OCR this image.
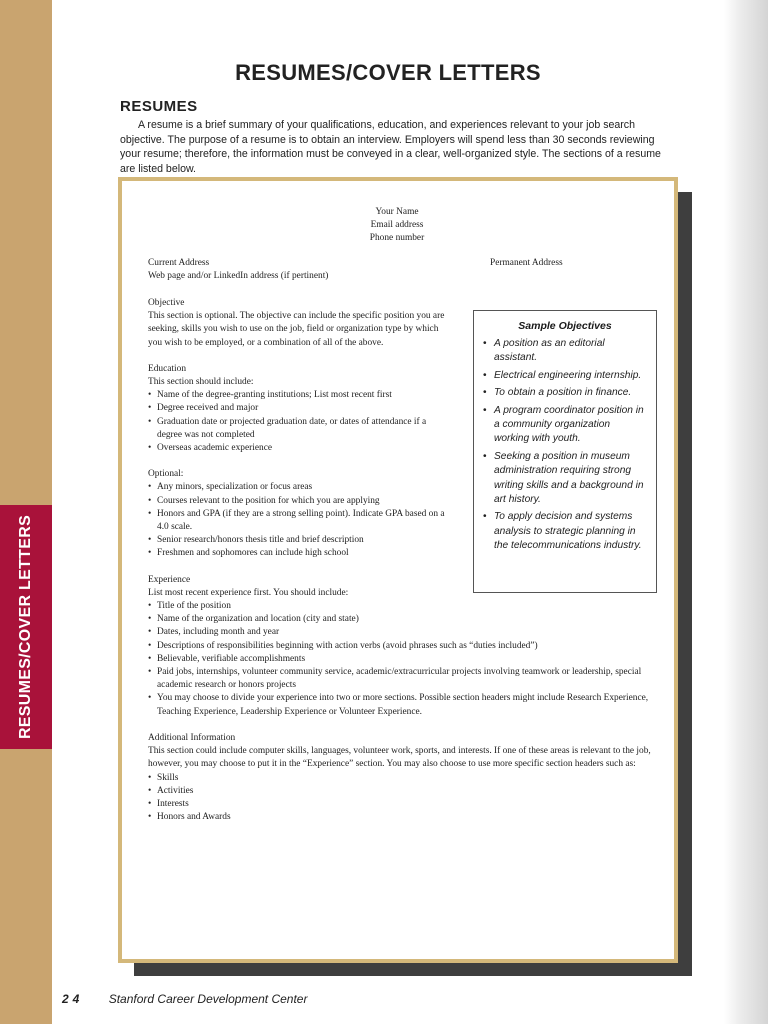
RESUMES/COVER LETTERS
RESUMES/COVER LETTERS
RESUMES

A resume is a brief summary of your qualifications, education, and experiences relevant to your job search objective. The purpose of a resume is to obtain an interview. Employers will spend less than 30 seconds reviewing your resume; therefore, the information must be conveyed in a clear, well-organized style. The sections of a resume are listed below.

Your Name
Email address
Phone number
Current Address
Web page and/or LinkedIn address (if pertinent)
Permanent Address
Objective
This section is optional. The objective can include the specific position you are seeking, skills you wish to use on the job, field or organization type by which you wish to be employed, or a combination of all of the above.
Education
This section should include:
• Name of the degree-granting institutions; List most recent first
• Degree received and major
• Graduation date or projected graduation date, or dates of attendance if a degree was not completed
• Overseas academic experience
Optional:
• Any minors, specialization or focus areas
• Courses relevant to the position for which you are applying
• Honors and GPA (if they are a strong selling point). Indicate GPA based on a 4.0 scale.
• Senior research/honors thesis title and brief description
• Freshmen and sophomores can include high school
Experience
List most recent experience first. You should include:
• Title of the position
• Name of the organization and location (city and state)
• Dates, including month and year
• Descriptions of responsibilities beginning with action verbs (avoid phrases such as “duties included”)
• Believable, verifiable accomplishments
• Paid jobs, internships, volunteer community service, academic/extracurricular projects involving teamwork or leadership, special academic research or honors projects
• You may choose to divide your experience into two or more sections. Possible section headers might include Research Experience, Teaching Experience, Leadership Experience or Volunteer Experience.
Additional Information
This section could include computer skills, languages, volunteer work, sports, and interests. If one of these areas is relevant to the job, however, you may choose to put it in the “Experience” section. You may also choose to use more specific section headers such as:
• Skills
• Activities
• Interests
• Honors and Awards
Sample Objectives
• A position as an editorial assistant.
• Electrical engineering internship.
• To obtain a position in finance.
• A program coordinator position in a community organization working with youth.
• Seeking a position in museum administration requiring strong writing skills and a background in art history.
• To apply decision and systems analysis to strategic planning in the telecommunications industry.
24 Stanford Career Development Center
